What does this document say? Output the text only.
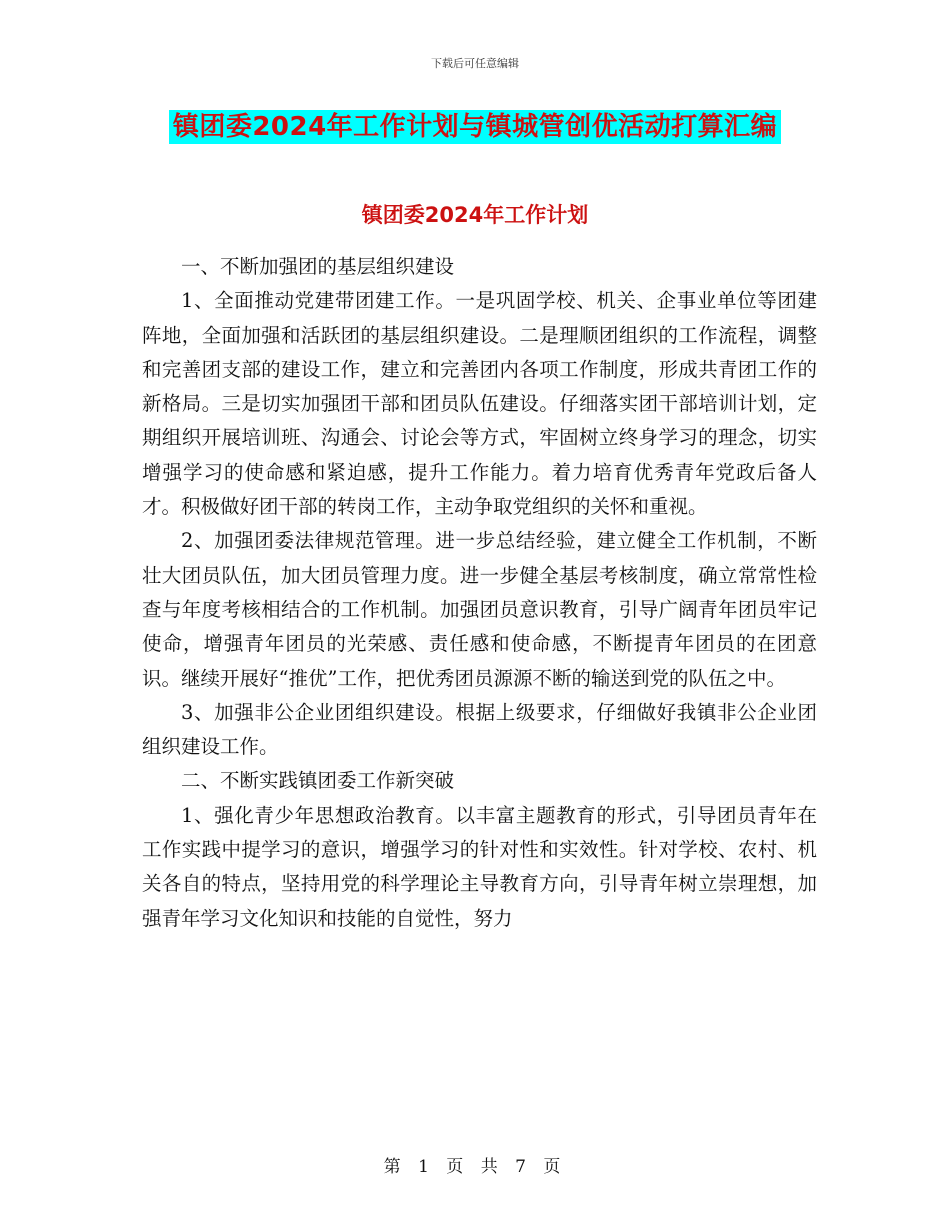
下载后可任意编辑
镇团委2024年工作计划与镇城管创优活动打算汇编
镇团委2024年工作计划

一、不断加强团的基层组织建设

1、全面推动党建带团建工作。一是巩固学校、机关、企事业单位等团建阵地，全面加强和活跃团的基层组织建设。二是理顺团组织的工作流程，调整和完善团支部的建设工作，建立和完善团内各项工作制度，形成共青团工作的新格局。三是切实加强团干部和团员队伍建设。仔细落实团干部培训计划，定期组织开展培训班、沟通会、讨论会等方式，牢固树立终身学习的理念，切实增强学习的使命感和紧迫感，提升工作能力。着力培育优秀青年党政后备人才。积极做好团干部的转岗工作，主动争取党组织的关怀和重视。

2、加强团委法律规范管理。进一步总结经验，建立健全工作机制，不断壮大团员队伍，加大团员管理力度。进一步健全基层考核制度，确立常常性检查与年度考核相结合的工作机制。加强团员意识教育，引导广阔青年团员牢记使命，增强青年团员的光荣感、责任感和使命感，不断提青年团员的在团意识。继续开展好“推优”工作，把优秀团员源源不断的输送到党的队伍之中。

3、加强非公企业团组织建设。根据上级要求，仔细做好我镇非公企业团组织建设工作。

二、不断实践镇团委工作新突破

1、强化青少年思想政治教育。以丰富主题教育的形式，引导团员青年在工作实践中提学习的意识，增强学习的针对性和实效性。针对学校、农村、机关各自的特点，坚持用党的科学理论主导教育方向，引导青年树立崇理想，加强青年学习文化知识和技能的自觉性，努力

第 1 页 共 7 页
